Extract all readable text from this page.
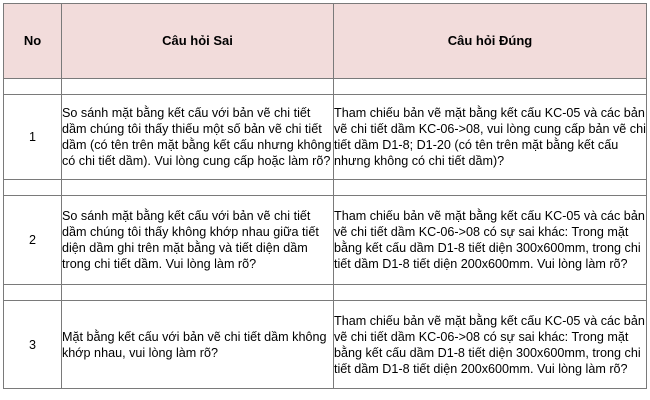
No	Câu hỏi Sai	Câu hỏi Đúng

1	So sánh mặt bằng kết cấu với bản vẽ chi tiết dầm chúng tôi thấy thiếu một số bản vẽ chi tiết dầm (có tên trên mặt bằng kết cấu nhưng không có chi tiết dầm). Vui lòng cung cấp hoặc làm rõ?	Tham chiếu bản vẽ mặt bằng kết cấu KC-05 và các bản vẽ chi tiết dầm KC-06->08, vui lòng cung cấp bản vẽ chi tiết dầm D1-8; D1-20 (có tên trên mặt bằng kết cấu nhưng không có chi tiết dầm)?

2	So sánh mặt bằng kết cấu với bản vẽ chi tiết dầm chúng tôi thấy không khớp nhau giữa tiết diện dầm ghi trên mặt bằng và tiết diện dầm trong chi tiết dầm. Vui lòng làm rõ?	Tham chiếu bản vẽ mặt bằng kết cấu KC-05 và các bản vẽ chi tiết dầm KC-06->08 có sự sai khác: Trong mặt bằng kết cấu dầm D1-8 tiết diện 300x600mm, trong chi tiết dầm D1-8 tiết diện 200x600mm. Vui lòng làm rõ?

3	Mặt bằng kết cấu với bản vẽ chi tiết dầm không khớp nhau, vui lòng làm rõ?	Tham chiếu bản vẽ mặt bằng kết cấu KC-05 và các bản vẽ chi tiết dầm KC-06->08 có sự sai khác: Trong mặt bằng kết cấu dầm D1-8 tiết diện 300x600mm, trong chi tiết dầm D1-8 tiết diện 200x600mm. Vui lòng làm rõ?
